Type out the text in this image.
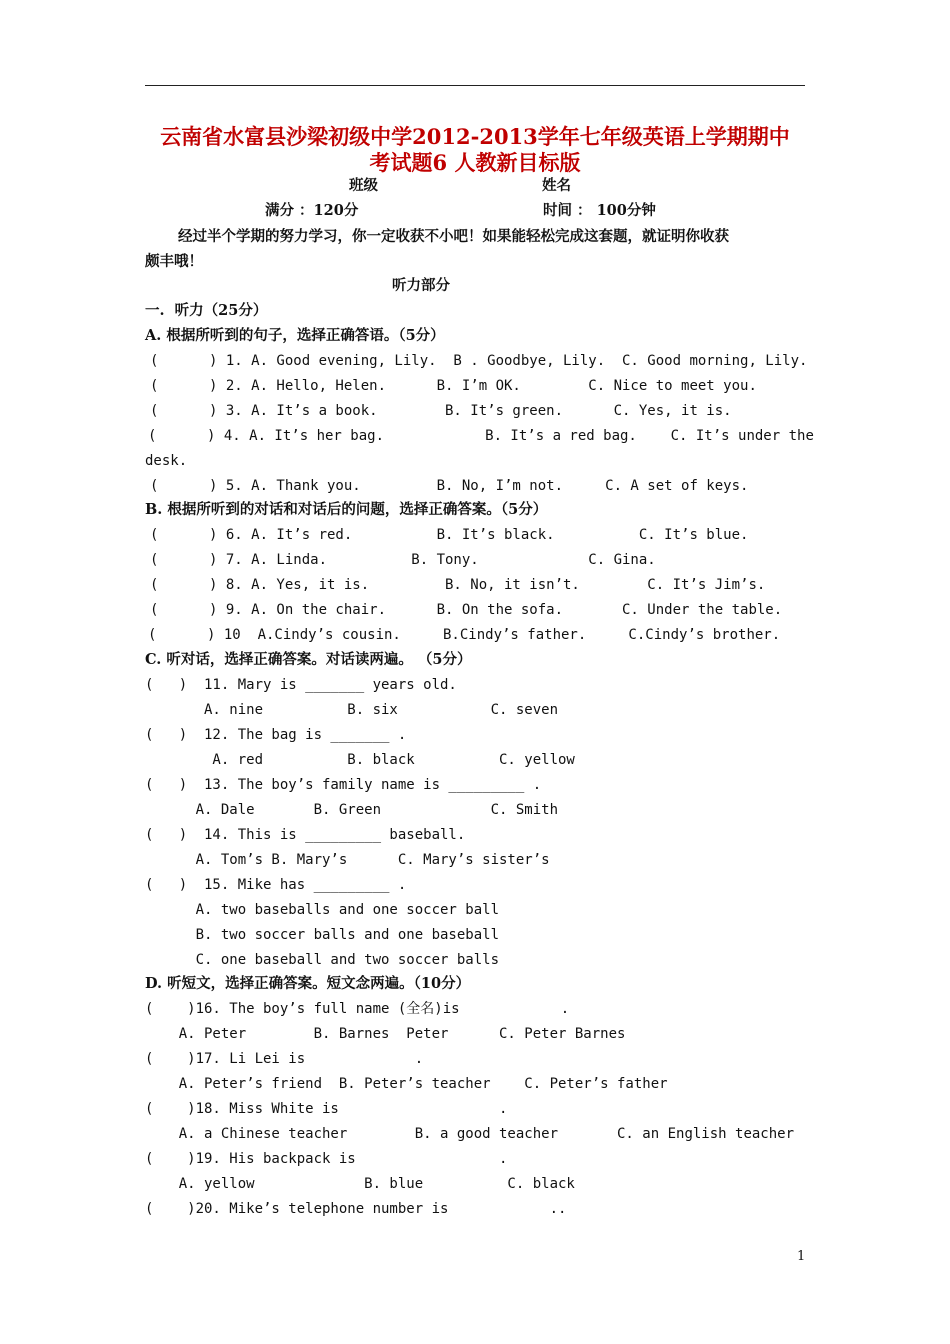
云南省水富县沙梁初级中学2012-2013学年七年级英语上学期期中
考试题6 人教新目标版
班级	姓名
满分 ：120分	时间 ： 100分钟
经过半个学期的努力学习，你一定收获不小吧！如果能轻松完成这套题，就证明你收获
颇丰哦！
听力部分
一.  听力（25分）
A. 根据所听到的句子，选择正确答语。（5分）
(      ) 1. A. Good evening, Lily.  B . Goodbye, Lily.  C. Good morning, Lily.
(      ) 2. A. Hello, Helen.      B. I’m OK.        C. Nice to meet you.
(      ) 3. A. It’s a book.        B. It’s green.      C. Yes, it is.
(      ) 4. A. It’s her bag.            B. It’s a red bag.    C. It’s under the
desk.
(      ) 5. A. Thank you.         B. No, I’m not.     C. A set of keys.
B. 根据所听到的对话和对话后的问题，选择正确答案。（5分）
(      ) 6. A. It’s red.          B. It’s black.          C. It’s blue.
(      ) 7. A. Linda.          B. Tony.             C. Gina.
(      ) 8. A. Yes, it is.         B. No, it isn’t.        C. It’s Jim’s.
(      ) 9. A. On the chair.      B. On the sofa.       C. Under the table.
(      ) 10  A.Cindy’s cousin.     B.Cindy’s father.     C.Cindy’s brother.
C. 听对话，选择正确答案。对话读两遍。 （5分）
(   )  11. Mary is _______ years old.
A. nine          B. six           C. seven
(   )  12. The bag is _______ .
A. red          B. black          C. yellow
(   )  13. The boy’s family name is _________ .
A. Dale       B. Green             C. Smith
(   )  14. This is _________ baseball.
A. Tom’s B. Mary’s      C. Mary’s sister’s
(   )  15. Mike has _________ .
A. two baseballs and one soccer ball
B. two soccer balls and one baseball
C. one baseball and two soccer balls
D. 听短文，选择正确答案。短文念两遍。（10分）
(    )16. The boy’s full name (全名)is            .
A. Peter        B. Barnes  Peter      C. Peter Barnes
(    )17. Li Lei is             .
A. Peter’s friend  B. Peter’s teacher    C. Peter’s father
(    )18. Miss White is                   .
A. a Chinese teacher        B. a good teacher       C. an English teacher
(    )19. His backpack is                 .
A. yellow             B. blue          C. black
(    )20. Mike’s telephone number is            ..
1
